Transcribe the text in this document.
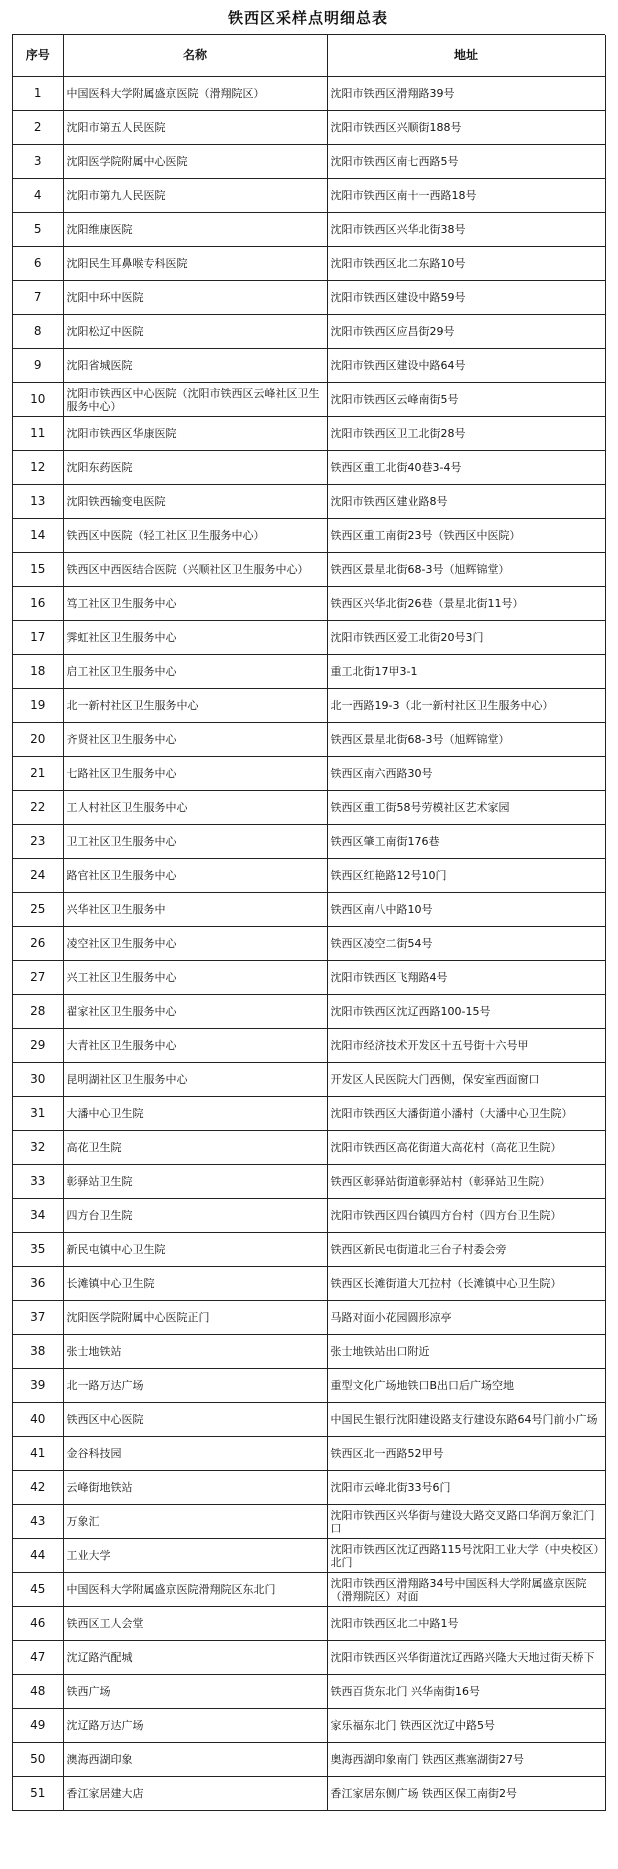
铁西区采样点明细总表
序号	名称	地址
1	中国医科大学附属盛京医院（滑翔院区）	沈阳市铁西区滑翔路39号
2	沈阳市第五人民医院	沈阳市铁西区兴顺街188号
3	沈阳医学院附属中心医院	沈阳市铁西区南七西路5号
4	沈阳市第九人民医院	沈阳市铁西区南十一西路18号
5	沈阳维康医院	沈阳市铁西区兴华北街38号
6	沈阳民生耳鼻喉专科医院	沈阳市铁西区北二东路10号
7	沈阳中环中医院	沈阳市铁西区建设中路59号
8	沈阳松辽中医院	沈阳市铁西区应昌街29号
9	沈阳省城医院	沈阳市铁西区建设中路64号
10	沈阳市铁西区中心医院（沈阳市铁西区云峰社区卫生服务中心）	沈阳市铁西区云峰南街5号
11	沈阳市铁西区华康医院	沈阳市铁西区卫工北街28号
12	沈阳东药医院	铁西区重工北街40巷3-4号
13	沈阳铁西输变电医院	沈阳市铁西区建业路8号
14	铁西区中医院（轻工社区卫生服务中心）	铁西区重工南街23号（铁西区中医院）
15	铁西区中西医结合医院（兴顺社区卫生服务中心）	铁西区景星北街68-3号（旭辉锦堂）
16	笃工社区卫生服务中心	铁西区兴华北街26巷（景星北街11号）
17	霁虹社区卫生服务中心	沈阳市铁西区爱工北街20号3门
18	启工社区卫生服务中心	重工北街17甲3-1
19	北一新村社区卫生服务中心	北一西路19-3（北一新村社区卫生服务中心）
20	齐贤社区卫生服务中心	铁西区景星北街68-3号（旭辉锦堂）
21	七路社区卫生服务中心	铁西区南六西路30号
22	工人村社区卫生服务中心	铁西区重工街58号劳模社区艺术家园
23	卫工社区卫生服务中心	铁西区肇工南街176巷
24	路官社区卫生服务中心	铁西区红艳路12号10门
25	兴华社区卫生服务中	铁西区南八中路10号
26	凌空社区卫生服务中心	铁西区凌空二街54号
27	兴工社区卫生服务中心	沈阳市铁西区飞翔路4号
28	翟家社区卫生服务中心	沈阳市铁西区沈辽西路100-15号
29	大青社区卫生服务中心	沈阳市经济技术开发区十五号街十六号甲
30	昆明湖社区卫生服务中心	开发区人民医院大门西侧，保安室西面窗口
31	大潘中心卫生院	沈阳市铁西区大潘街道小潘村（大潘中心卫生院）
32	高花卫生院	沈阳市铁西区高花街道大高花村（高花卫生院）
33	彰驿站卫生院	铁西区彰驿站街道彰驿站村（彰驿站卫生院）
34	四方台卫生院	沈阳市铁西区四台镇四方台村（四方台卫生院）
35	新民屯镇中心卫生院	铁西区新民屯街道北三台子村委会旁
36	长滩镇中心卫生院	铁西区长滩街道大兀拉村（长滩镇中心卫生院）
37	沈阳医学院附属中心医院正门	马路对面小花园圆形凉亭
38	张士地铁站	张士地铁站出口附近
39	北一路万达广场	重型文化广场地铁口B出口后广场空地
40	铁西区中心医院	中国民生银行沈阳建设路支行建设东路64号门前小广场
41	金谷科技园	铁西区北一西路52甲号
42	云峰街地铁站	沈阳市云峰北街33号6门
43	万象汇	沈阳市铁西区兴华街与建设大路交叉路口华润万象汇门口
44	工业大学	沈阳市铁西区沈辽西路115号沈阳工业大学（中央校区）北门
45	中国医科大学附属盛京医院滑翔院区东北门	沈阳市铁西区滑翔路34号中国医科大学附属盛京医院（滑翔院区）对面
46	铁西区工人会堂	沈阳市铁西区北二中路1号
47	沈辽路汽配城	沈阳市铁西区兴华街道沈辽西路兴隆大天地过街天桥下
48	铁西广场	铁西百货东北门 兴华南街16号
49	沈辽路万达广场	家乐福东北门 铁西区沈辽中路5号
50	澳海西湖印象	奥海西湖印象南门 铁西区燕塞湖街27号
51	香江家居建大店	香江家居东侧广场 铁西区保工南街2号
